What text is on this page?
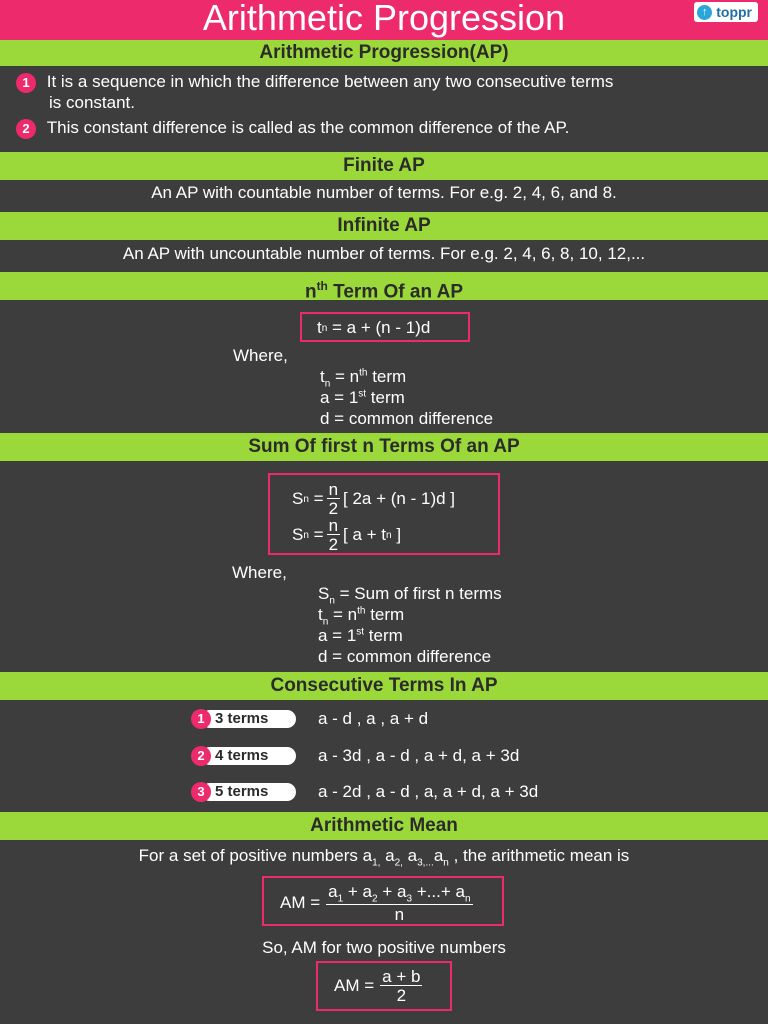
Arithmetic Progression	↑ toppr
Arithmetic Progression(AP)
1 It is a sequence in which the difference between any two consecutive terms
is constant.
2 This constant difference is called as the common difference of the AP.
Finite AP
An AP with countable number of terms. For e.g. 2, 4, 6, and 8.
Infinite AP
An AP with uncountable number of terms. For e.g. 2, 4, 6, 8, 10, 12,...
$n^{th}$ Term Of an AP
t n = a + (n - 1)d
Where,
$t_n = n^{th}$ term
a = 1st term
d = common difference
Sum Of first n Terms Of an AP
S $n = \frac{n}{2}$ [ 2a + (n - 1)d ]
S $n = \frac{n}{2}$ [ a + t n ]
Where,
$S_n$ = Sum of first n terms
$t_n = n^{th}$ term
a = 1st term
d = common difference
Consecutive Terms In AP
1 3 terms	a - d , a , a + d
2 4 terms	a - 3d , a - d , a + d, a + 3d
3 5 terms	a - 2d , a - d , a, a + d, a + 3d
Arithmetic Mean
For a set of positive numbers $a_{1,}$ $a_{2,}$ $a_{3,...}a_n$ , the arithmetic mean is
AM = $\frac{a_1 + a_2 + a_3 +...+ a_n}{n}$
So, AM for two positive numbers
AM = $\frac{a + b}{2}$
